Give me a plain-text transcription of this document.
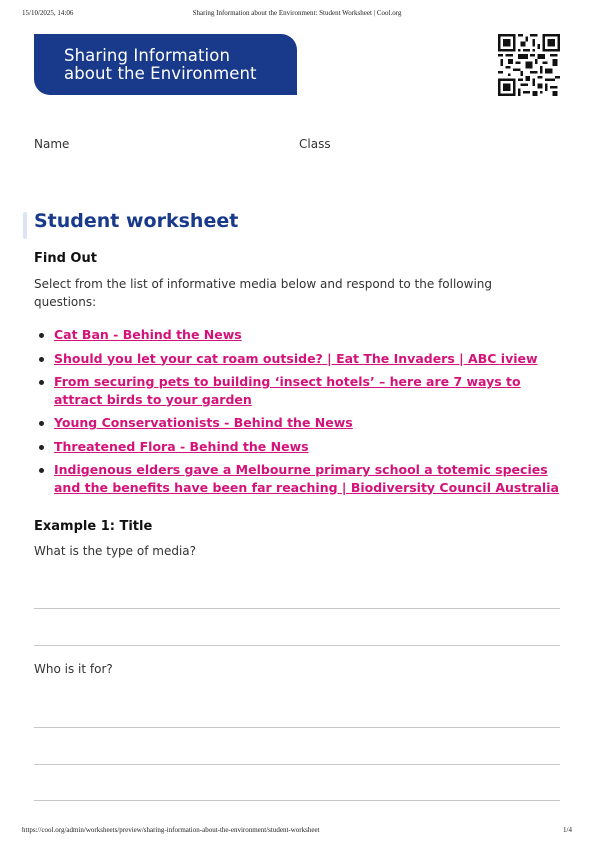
15/10/2025, 14:06	Sharing Information about the Environment: Student Worksheet | Cool.org
Sharing Information
about the Environment
Name	Class
Student worksheet
Find Out
Select from the list of informative media below and respond to the following questions:
Cat Ban - Behind the News
Should you let your cat roam outside? | Eat The Invaders | ABC iview
From securing pets to building ‘insect hotels’ – here are 7 ways to attract birds to your garden
Young Conservationists - Behind the News
Threatened Flora - Behind the News
Indigenous elders gave a Melbourne primary school a totemic species and the benefits have been far reaching | Biodiversity Council Australia
Example 1: Title
What is the type of media?
Who is it for?
https://cool.org/admin/worksheets/preview/sharing-information-about-the-environment/student-worksheet	1/4
